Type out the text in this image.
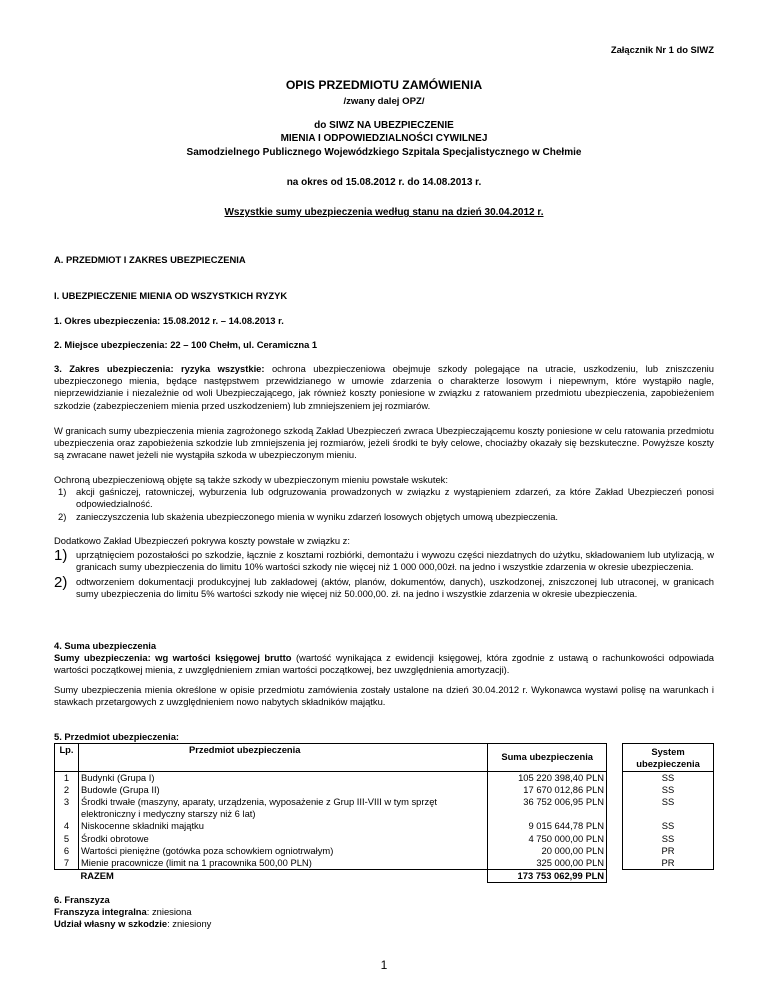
Załącznik Nr 1 do SIWZ
OPIS PRZEDMIOTU ZAMÓWIENIA
/zwany dalej OPZ/
do SIWZ NA UBEZPIECZENIE
MIENIA I ODPOWIEDZIALNOŚCI CYWILNEJ
Samodzielnego Publicznego Wojewódzkiego Szpitala Specjalistycznego w Chełmie
na okres od 15.08.2012 r. do 14.08.2013 r.
Wszystkie sumy ubezpieczenia według stanu na dzień 30.04.2012 r.
A. PRZEDMIOT I ZAKRES UBEZPIECZENIA
I. UBEZPIECZENIE MIENIA OD WSZYSTKICH RYZYK
1. Okres ubezpieczenia: 15.08.2012 r. – 14.08.2013 r.
2. Miejsce ubezpieczenia: 22 – 100 Chełm, ul. Ceramiczna 1
3. Zakres ubezpieczenia: ryzyka wszystkie: ochrona ubezpieczeniowa obejmuje szkody polegające na utracie, uszkodzeniu, lub zniszczeniu ubezpieczonego mienia, będące następstwem przewidzianego w umowie zdarzenia o charakterze losowym i niepewnym, które wystąpiło nagle, nieprzewidzianie i niezależnie od woli Ubezpieczającego, jak również koszty poniesione w związku z ratowaniem przedmiotu ubezpieczenia, zapobieżeniem szkodzie (zabezpieczeniem mienia przed uszkodzeniem) lub zmniejszeniem jej rozmiarów.
W granicach sumy ubezpieczenia mienia zagrożonego szkodą Zakład Ubezpieczeń zwraca Ubezpieczającemu koszty poniesione w celu ratowania przedmiotu ubezpieczenia oraz zapobieżenia szkodzie lub zmniejszenia jej rozmiarów, jeżeli środki te były celowe, chociażby okazały się bezskuteczne. Powyższe koszty są zwracane nawet jeżeli nie wystąpiła szkoda w ubezpieczonym mieniu.
Ochroną ubezpieczeniową objęte są także szkody w ubezpieczonym mieniu powstałe wskutek:
1) akcji gaśniczej, ratowniczej, wyburzenia lub odgruzowania prowadzonych w związku z wystąpieniem zdarzeń, za które Zakład Ubezpieczeń ponosi odpowiedzialność.
2) zanieczyszczenia lub skażenia ubezpieczonego mienia w wyniku zdarzeń losowych objętych umową ubezpieczenia.
Dodatkowo Zakład Ubezpieczeń pokrywa koszty powstałe w związku z:
1) uprzątnięciem pozostałości po szkodzie, łącznie z kosztami rozbiórki, demontażu i wywozu części niezdatnych do użytku, składowaniem lub utylizacją, w granicach sumy ubezpieczenia do limitu 10% wartości szkody nie więcej niż 1 000 000,00zł. na jedno i wszystkie zdarzenia w okresie ubezpieczenia.
2) odtworzeniem dokumentacji produkcyjnej lub zakładowej (aktów, planów, dokumentów, danych), uszkodzonej, zniszczonej lub utraconej, w granicach sumy ubezpieczenia do limitu 5% wartości szkody nie więcej niż 50.000,00. zł. na jedno i wszystkie zdarzenia w okresie ubezpieczenia.
4. Suma ubezpieczenia
Sumy ubezpieczenia: wg wartości księgowej brutto (wartość wynikająca z ewidencji księgowej, która zgodnie z ustawą o rachunkowości odpowiada wartości początkowej mienia, z uwzględnieniem zmian wartości początkowej, bez uwzględnienia amortyzacji).
Sumy ubezpieczenia mienia określone w opisie przedmiotu zamówienia zostały ustalone na dzień 30.04.2012 r. Wykonawca wystawi polisę na warunkach i stawkach przetargowych z uwzględnieniem nowo nabytych składników majątku.
5. Przedmiot ubezpieczenia:
Lp.	Przedmiot ubezpieczenia	Suma ubezpieczenia		System ubezpieczenia
1	Budynki (Grupa I)	105 220 398,40 PLN		SS
2	Budowle (Grupa II)	17 670 012,86 PLN		SS
3	Środki trwałe (maszyny, aparaty, urządzenia, wyposażenie z Grup III-VIII w tym sprzęt elektroniczny i medyczny starszy niż 6 lat)	36 752 006,95 PLN		SS
4	Niskocenne składniki majątku	9 015 644,78 PLN		SS
5	Środki obrotowe	4 750 000,00 PLN		SS
6	Wartości pieniężne (gotówka poza schowkiem ogniotrwałym)	20 000,00 PLN		PR
7	Mienie pracownicze (limit na 1 pracownika 500,00 PLN)	325 000,00 PLN		PR
	RAZEM	173 753 062,99 PLN		
6. Franszyza
Franszyza integralna: zniesiona
Udział własny w szkodzie: zniesiony
1
